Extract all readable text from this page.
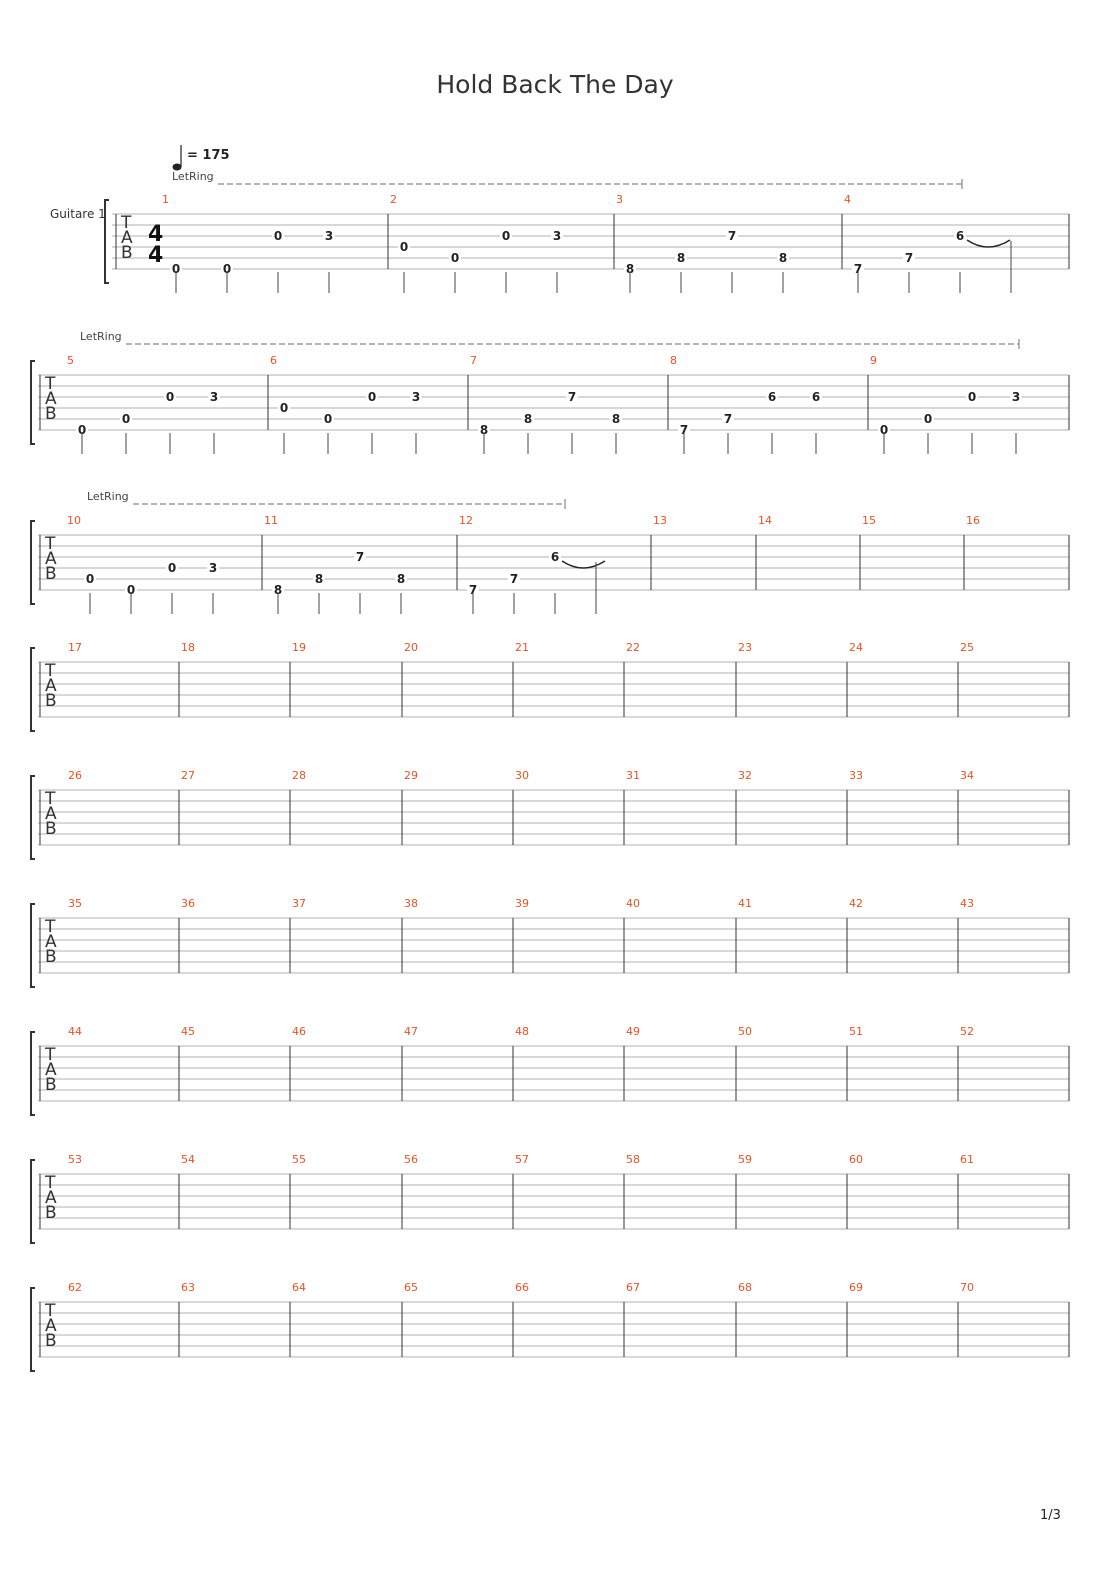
Hold Back The Day
= 175
Guitare 1 T
A
B
LetRing
4
4
1
0	0
0	3
2
0
0
0	3
3
8
8
7
8
4
7
7
6
T
A
B
LetRing
5
0
0
0	3
6
0
0
0	3
7
8
8
7
8
8
7
7
6	6
9
0
0
0	3
T
A
B
LetRing
10
0
0
0	3
11
8
8
7
8
12
7
7
6
13	14	15	16
T
A
B
17	18	19	20	21	22	23	24	25
T
A
B
26	27	28	29	30	31	32	33	34
T
A
B
35	36	37	38	39	40	41	42	43
T
A
B
44	45	46	47	48	49	50	51	52
T
A
B
53	54	55	56	57	58	59	60	61
T
A
B
62	63	64	65	66	67	68	69	70
1/3
